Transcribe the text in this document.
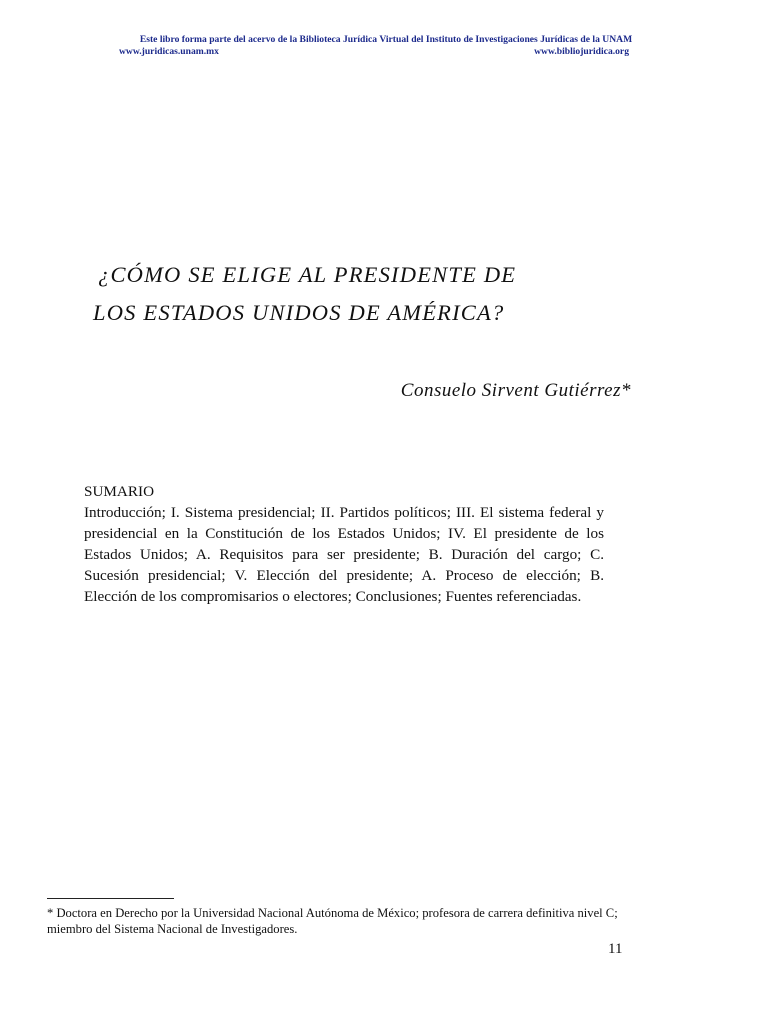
Este libro forma parte del acervo de la Biblioteca Jurídica Virtual del Instituto de Investigaciones Jurídicas de la UNAM
www.juridicas.unam.mx	www.bibliojuridica.org
¿CÓMO SE ELIGE AL PRESIDENTE DE
LOS ESTADOS UNIDOS DE AMÉRICA?
Consuelo Sirvent Gutiérrez*
SUMARIO
Introducción; I. Sistema presidencial; II. Partidos políticos; III. El sistema federal y presidencial en la Constitución de los Estados Unidos; IV. El presidente de los Estados Unidos; A. Requisitos para ser presidente; B. Duración del cargo; C. Sucesión presidencial; V. Elección del presidente; A. Proceso de elección; B. Elección de los compromisarios o electores; Conclusiones; Fuentes referenciadas.
* Doctora en Derecho por la Universidad Nacional Autónoma de México; profesora de carrera definitiva nivel C; miembro del Sistema Nacional de Investigadores.
11
